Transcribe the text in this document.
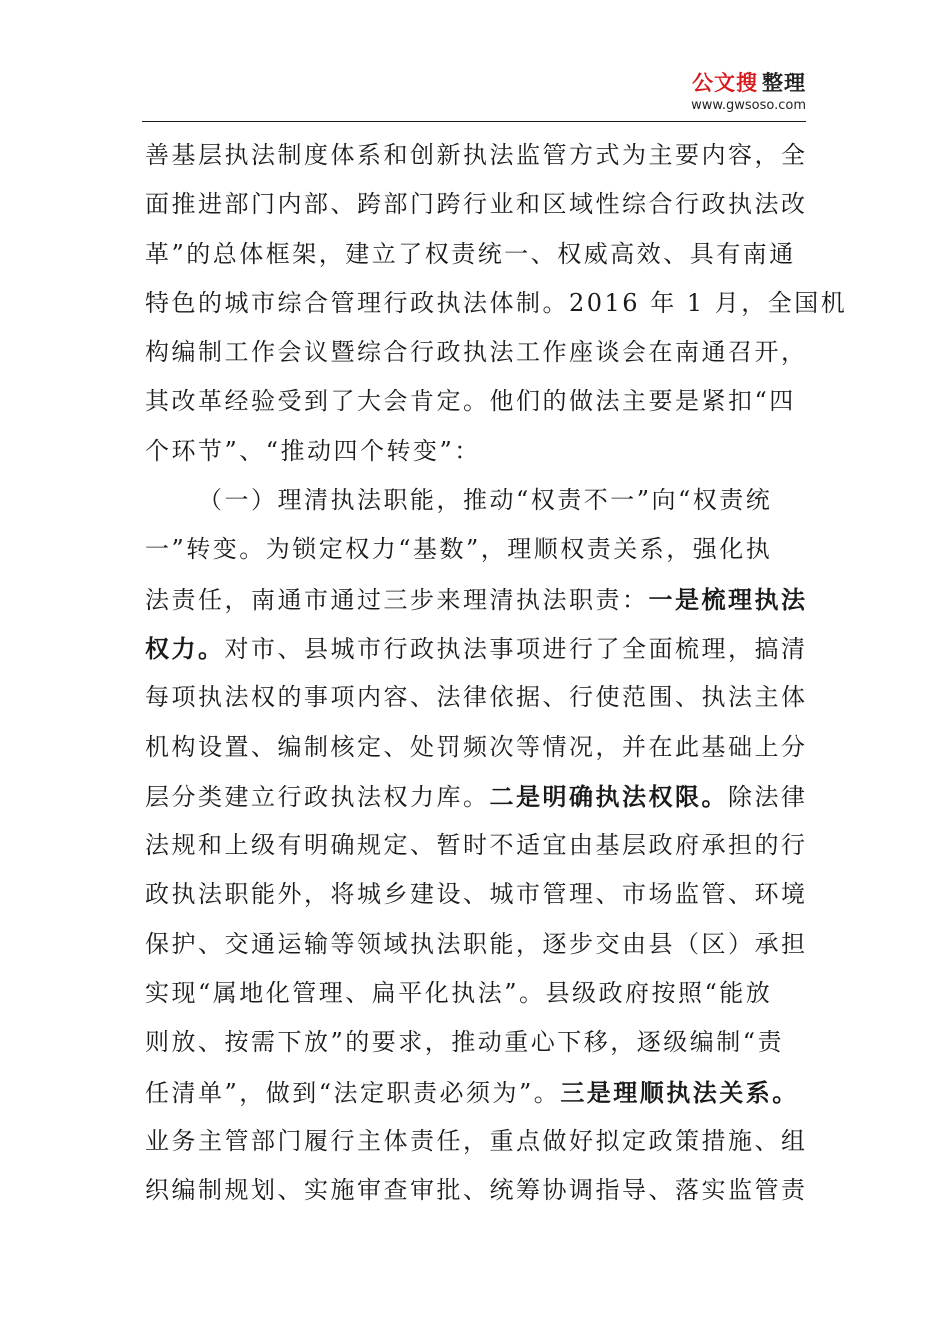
公文搜 整理
www.gwsoso.com
善基层执法制度体系和创新执法监管方式为主要内容，全
面推进部门内部、跨部门跨行业和区域性综合行政执法改
革”的总体框架，建立了权责统一、权威高效、具有南通
特色的城市综合管理行政执法体制。2016 年 1 月，全国机
构编制工作会议暨综合行政执法工作座谈会在南通召开，
其改革经验受到了大会肯定。他们的做法主要是紧扣“四
个环节”、“推动四个转变”：
（一）理清执法职能，推动“权责不一”向“权责统
一”转变。为锁定权力“基数”，理顺权责关系，强化执
法责任，南通市通过三步来理清执法职责：一是梳理执法
权力。对市、县城市行政执法事项进行了全面梳理，搞清
每项执法权的事项内容、法律依据、行使范围、执法主体
机构设置、编制核定、处罚频次等情况，并在此基础上分
层分类建立行政执法权力库。二是明确执法权限。除法律
法规和上级有明确规定、暂时不适宜由基层政府承担的行
政执法职能外，将城乡建设、城市管理、市场监管、环境
保护、交通运输等领域执法职能，逐步交由县（区）承担
实现“属地化管理、扁平化执法”。县级政府按照“能放
则放、按需下放”的要求，推动重心下移，逐级编制“责
任清单”，做到“法定职责必须为”。三是理顺执法关系。
业务主管部门履行主体责任，重点做好拟定政策措施、组
织编制规划、实施审查审批、统筹协调指导、落实监管责
